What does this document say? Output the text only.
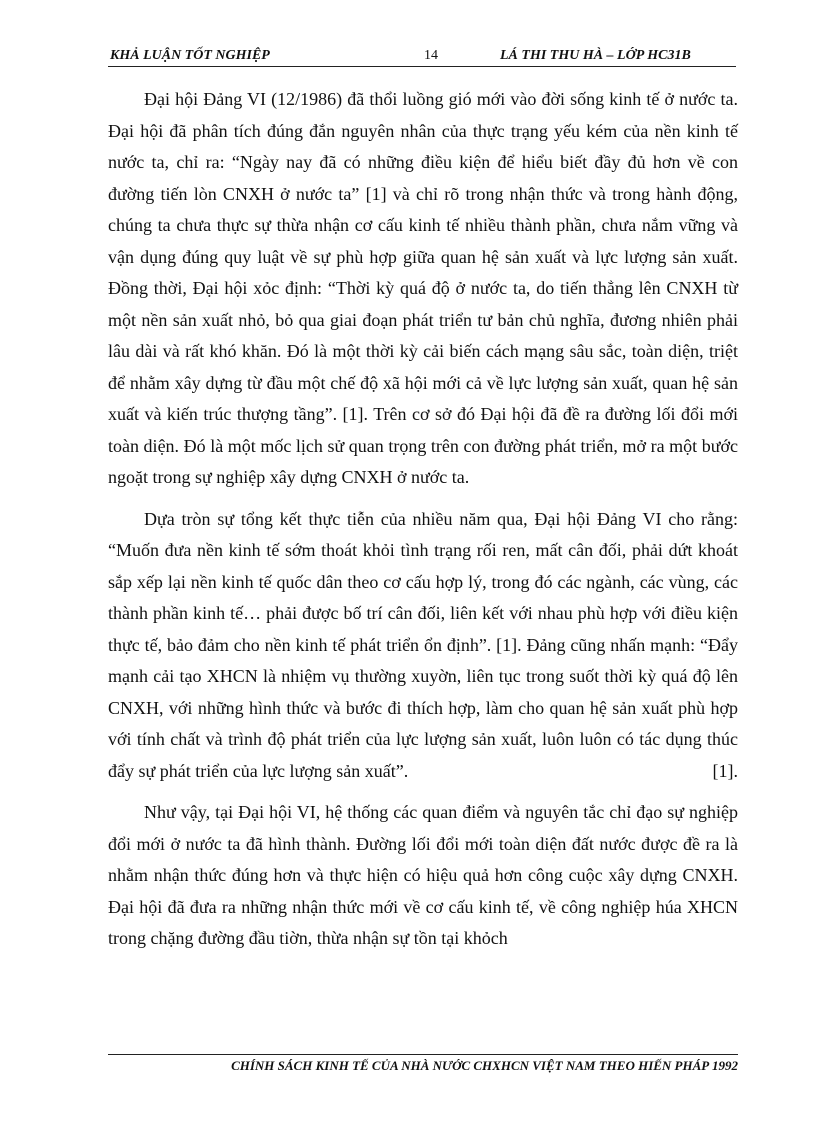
KHẢ LUẬN TỐT NGHIỆP	14	LÁ THI THU HÀ – LỚP HC31B

Đại hội Đảng VI (12/1986) đã thổi luồng gió mới vào đời sống kinh tế ở nước ta. Đại hội đã phân tích đúng đắn nguyên nhân của thực trạng yếu kém của nền kinh tế nước ta, chỉ ra: “Ngày nay đã có những điều kiện để hiểu biết đầy đủ hơn về con đường tiến lòn CNXH ở nước ta” [1] và chỉ rõ trong nhận thức và trong hành động, chúng ta chưa thực sự thừa nhận cơ cấu kinh tế nhiều thành phần, chưa nắm vững và vận dụng đúng quy luật về sự phù hợp giữa quan hệ sản xuất và lực lượng sản xuất. Đồng thời, Đại hội xỏc định: “Thời kỳ quá độ ở nước ta, do tiến thẳng lên CNXH từ một nền sản xuất nhỏ, bỏ qua giai đoạn phát triển tư bản chủ nghĩa, đương nhiên phải lâu dài và rất khó khăn. Đó là một thời kỳ cải biến cách mạng sâu sắc, toàn diện, triệt để nhằm xây dựng từ đầu một chế độ xã hội mới cả về lực lượng sản xuất, quan hệ sản xuất và kiến trúc thượng tầng”. [1]. Trên cơ sở đó Đại hội đã đề ra đường lối đổi mới toàn diện. Đó là một mốc lịch sử quan trọng trên con đường phát triển, mở ra một bước ngoặt trong sự nghiệp xây dựng CNXH ở nước ta.

Dựa tròn sự tổng kết thực tiễn của nhiều năm qua, Đại hội Đảng VI cho rằng: “Muốn đưa nền kinh tế sớm thoát khỏi tình trạng rối ren, mất cân đối, phải dứt khoát sắp xếp lại nền kinh tế quốc dân theo cơ cấu hợp lý, trong đó các ngành, các vùng, các thành phần kinh tế… phải được bố trí cân đối, liên kết với nhau phù hợp với điều kiện thực tế, bảo đảm cho nền kinh tế phát triển ổn định”. [1]. Đảng cũng nhấn mạnh: “Đẩy mạnh cải tạo XHCN là nhiệm vụ thường xuyờn, liên tục trong suốt thời kỳ quá độ lên CNXH, với những hình thức và bước đi thích hợp, làm cho quan hệ sản xuất phù hợp với tính chất và trình độ phát triển của lực lượng sản xuất, luôn luôn có tác dụng thúc đẩy sự phát triển của lực lượng sản xuất”.	[1].

Như vậy, tại Đại hội VI, hệ thống các quan điểm và nguyên tắc chỉ đạo sự nghiệp đổi mới ở nước ta đã hình thành. Đường lối đổi mới toàn diện đất nước được đề ra là nhằm nhận thức đúng hơn và thực hiện có hiệu quả hơn công cuộc xây dựng CNXH. Đại hội đã đưa ra những nhận thức mới về cơ cấu kinh tế, về công nghiệp húa XHCN trong chặng đường đầu tiờn, thừa nhận sự tồn tại khỏch

CHÍNH SÁCH KINH TẾ CỦA NHÀ NƯỚC CHXHCN VIỆT NAM THEO HIẾN PHÁP 1992
